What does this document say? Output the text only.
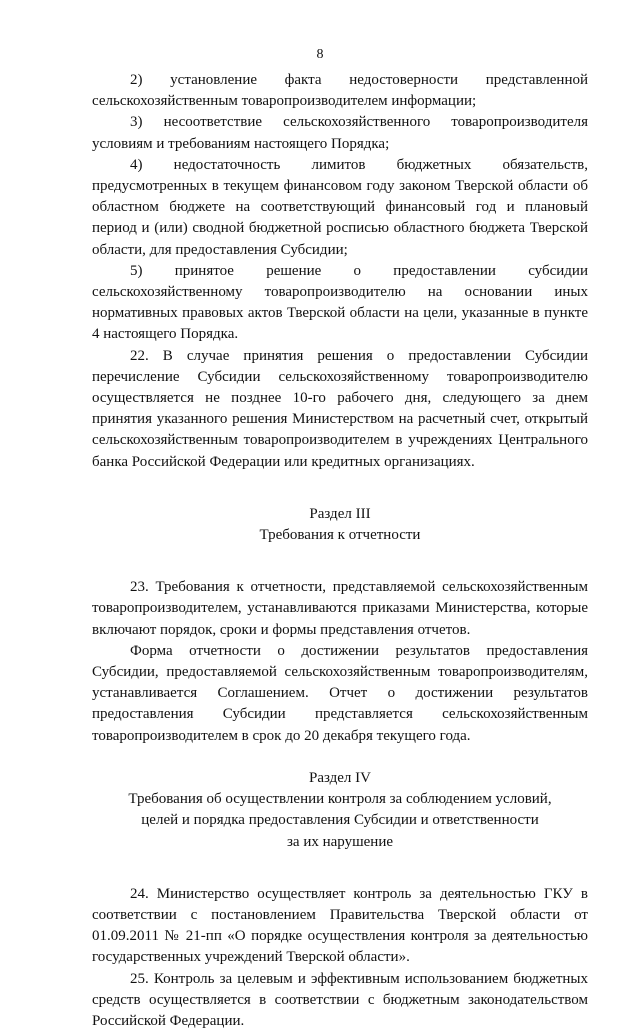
8

2) установление факта недостоверности представленной сельскохозяйственным товаропроизводителем информации;

3) несоответствие сельскохозяйственного товаропроизводителя условиям и требованиям настоящего Порядка;

4) недостаточность лимитов бюджетных обязательств, предусмотренных в текущем финансовом году законом Тверской области об областном бюджете на соответствующий финансовый год и плановый период и (или) сводной бюджетной росписью областного бюджета Тверской области, для предоставления Субсидии;

5) принятое решение о предоставлении субсидии сельскохозяйственному товаропроизводителю на основании иных нормативных правовых актов Тверской области на цели, указанные в пункте 4 настоящего Порядка.

22. В случае принятия решения о предоставлении Субсидии перечисление Субсидии сельскохозяйственному товаропроизводителю осуществляется не позднее 10-го рабочего дня, следующего за днем принятия указанного решения Министерством на расчетный счет, открытый сельскохозяйственным товаропроизводителем в учреждениях Центрального банка Российской Федерации или кредитных организациях.

Раздел III

Требования к отчетности

23. Требования к отчетности, представляемой сельскохозяйственным товаропроизводителем, устанавливаются приказами Министерства, которые включают порядок, сроки и формы представления отчетов.

Форма отчетности о достижении результатов предоставления Субсидии, предоставляемой сельскохозяйственным товаропроизводителям, устанавливается Соглашением. Отчет о достижении результатов предоставления Субсидии представляется сельскохозяйственным товаропроизводителем в срок до 20 декабря текущего года.

Раздел IV

Требования об осуществлении контроля за соблюдением условий,

целей и порядка предоставления Субсидии и ответственности

за их нарушение

24. Министерство осуществляет контроль за деятельностью ГКУ в соответствии с постановлением Правительства Тверской области от 01.09.2011 № 21-пп «О порядке осуществления контроля за деятельностью государственных учреждений Тверской области».

25. Контроль за целевым и эффективным использованием бюджетных средств осуществляется в соответствии с бюджетным законодательством Российской Федерации.
